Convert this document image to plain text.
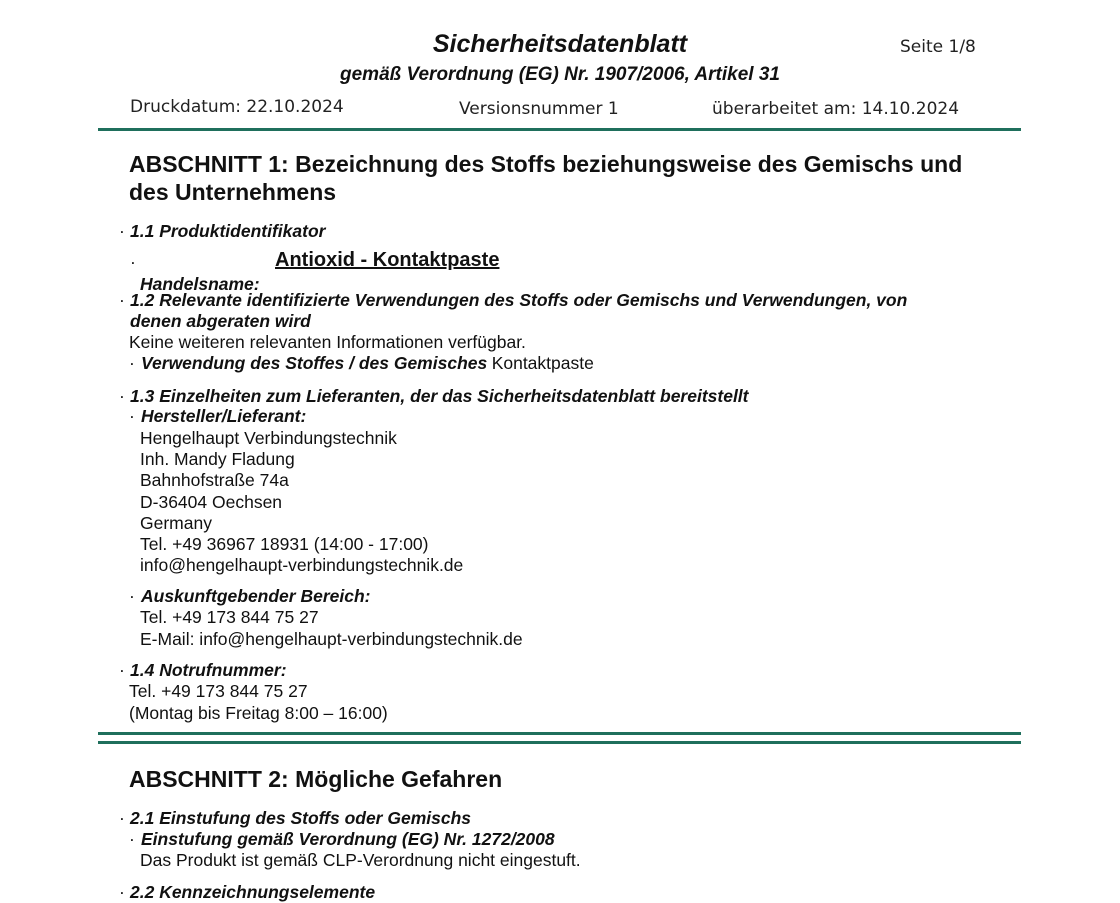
Sicherheitsdatenblatt
gemäß Verordnung (EG) Nr. 1907/2006, Artikel 31
Seite 1/8
Druckdatum: 22.10.2024	Versionsnummer 1	überarbeitet am: 14.10.2024
ABSCHNITT 1: Bezeichnung des Stoffs beziehungsweise des Gemischs und
des Unternehmens
· 1.1 Produktidentifikator
·	Antioxid - Kontaktpaste
Handelsname:
· 1.2 Relevante identifizierte Verwendungen des Stoffs oder Gemischs und Verwendungen, von
denen abgeraten wird
Keine weiteren relevanten Informationen verfügbar.
· Verwendung des Stoffes / des Gemisches Kontaktpaste
· 1.3 Einzelheiten zum Lieferanten, der das Sicherheitsdatenblatt bereitstellt
· Hersteller/Lieferant:
Hengelhaupt Verbindungstechnik
Inh. Mandy Fladung
Bahnhofstraße 74a
D-36404 Oechsen
Germany
Tel. +49 36967 18931 (14:00 - 17:00)
info@hengelhaupt-verbindungstechnik.de
· Auskunftgebender Bereich:
Tel. +49 173 844 75 27
E-Mail: info@hengelhaupt-verbindungstechnik.de
· 1.4 Notrufnummer:
Tel. +49 173 844 75 27
(Montag bis Freitag 8:00 – 16:00)
ABSCHNITT 2: Mögliche Gefahren
· 2.1 Einstufung des Stoffs oder Gemischs
· Einstufung gemäß Verordnung (EG) Nr. 1272/2008
Das Produkt ist gemäß CLP-Verordnung nicht eingestuft.
· 2.2 Kennzeichnungselemente
